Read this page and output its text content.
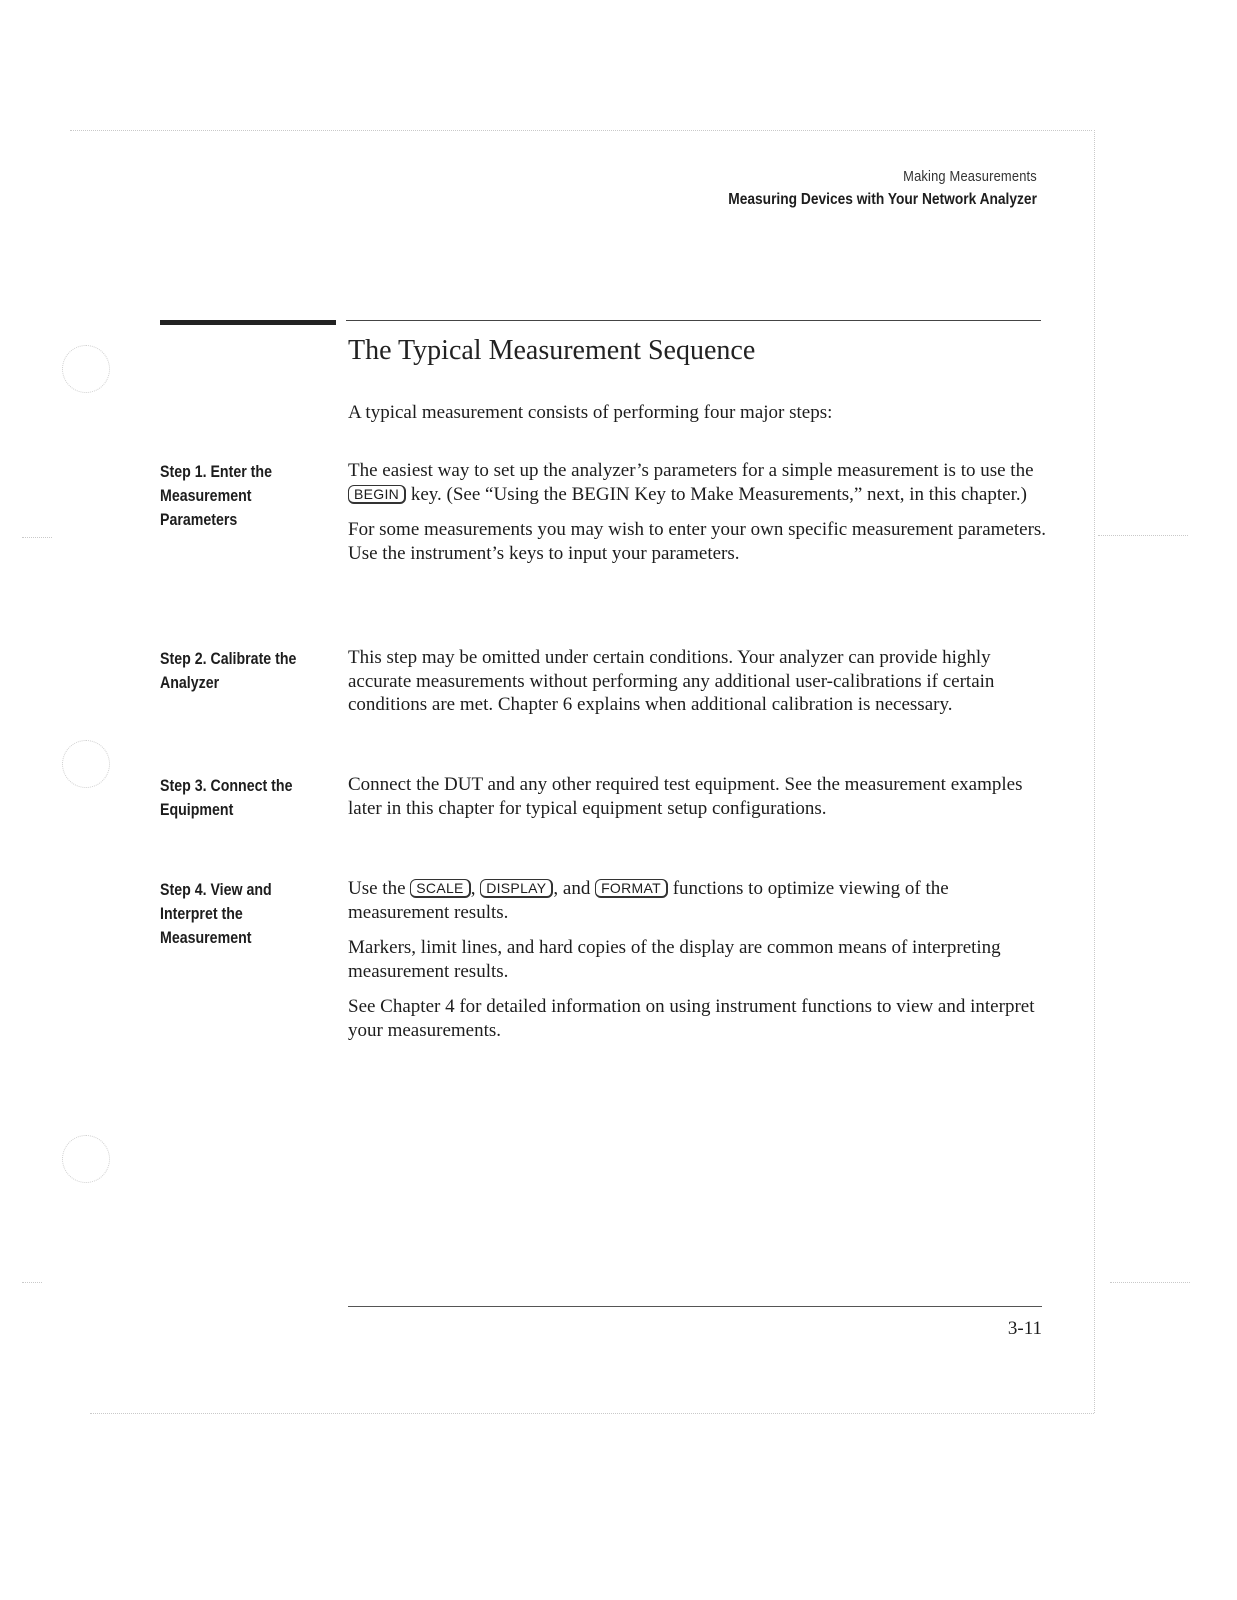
Making Measurements
Measuring Devices with Your Network Analyzer
The Typical Measurement Sequence
A typical measurement consists of performing four major steps:
Step 1. Enter the Measurement Parameters

The easiest way to set up the analyzer’s parameters for a simple measurement is to use the BEGIN key. (See “Using the BEGIN Key to Make Measurements,” next, in this chapter.)

For some measurements you may wish to enter your own specific measurement parameters. Use the instrument’s keys to input your parameters.

Step 2. Calibrate the Analyzer

This step may be omitted under certain conditions. Your analyzer can provide highly accurate measurements without performing any additional user-calibrations if certain conditions are met. Chapter 6 explains when additional calibration is necessary.

Step 3. Connect the Equipment

Connect the DUT and any other required test equipment. See the measurement examples later in this chapter for typical equipment setup configurations.

Step 4. View and Interpret the Measurement

Use the SCALE , DISPLAY , and FORMAT functions to optimize viewing of the measurement results.

Markers, limit lines, and hard copies of the display are common means of interpreting measurement results.

See Chapter 4 for detailed information on using instrument functions to view and interpret your measurements.

3-11
